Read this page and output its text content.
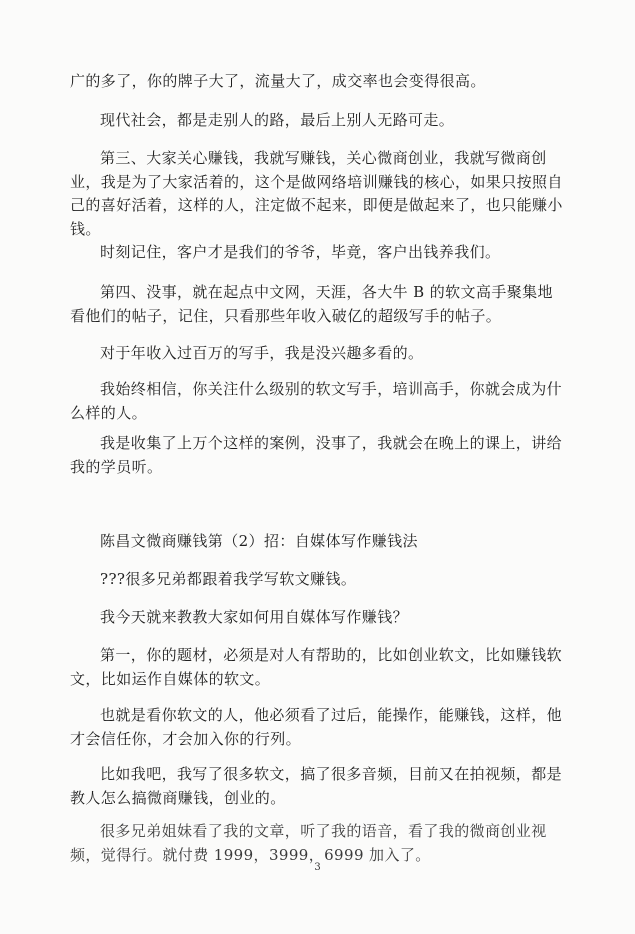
广的多了，你的牌子大了，流量大了，成交率也会变得很高。

现代社会，都是走别人的路，最后上别人无路可走。

第三、大家关心赚钱，我就写赚钱，关心微商创业，我就写微商创业，我是为了大家活着的，这个是做网络培训赚钱的核心，如果只按照自己的喜好活着，这样的人，注定做不起来，即便是做起来了，也只能赚小钱。

时刻记住，客户才是我们的爷爷，毕竟，客户出钱养我们。

第四、没事，就在起点中文网，天涯，各大牛 B 的软文高手聚集地看他们的帖子，记住，只看那些年收入破亿的超级写手的帖子。

对于年收入过百万的写手，我是没兴趣多看的。

我始终相信，你关注什么级别的软文写手，培训高手，你就会成为什么样的人。

我是收集了上万个这样的案例，没事了，我就会在晚上的课上，讲给我的学员听。

陈昌文微商赚钱第（2）招：自媒体写作赚钱法

???很多兄弟都跟着我学写软文赚钱。

我今天就来教教大家如何用自媒体写作赚钱？

第一，你的题材，必须是对人有帮助的，比如创业软文，比如赚钱软文，比如运作自媒体的软文。

也就是看你软文的人，他必须看了过后，能操作，能赚钱，这样，他才会信任你，才会加入你的行列。

比如我吧，我写了很多软文，搞了很多音频，目前又在拍视频，都是教人怎么搞微商赚钱，创业的。

很多兄弟姐妹看了我的文章，听了我的语音，看了我的微商创业视频，觉得行。就付费 1999，3999，6999 加入了。

3
